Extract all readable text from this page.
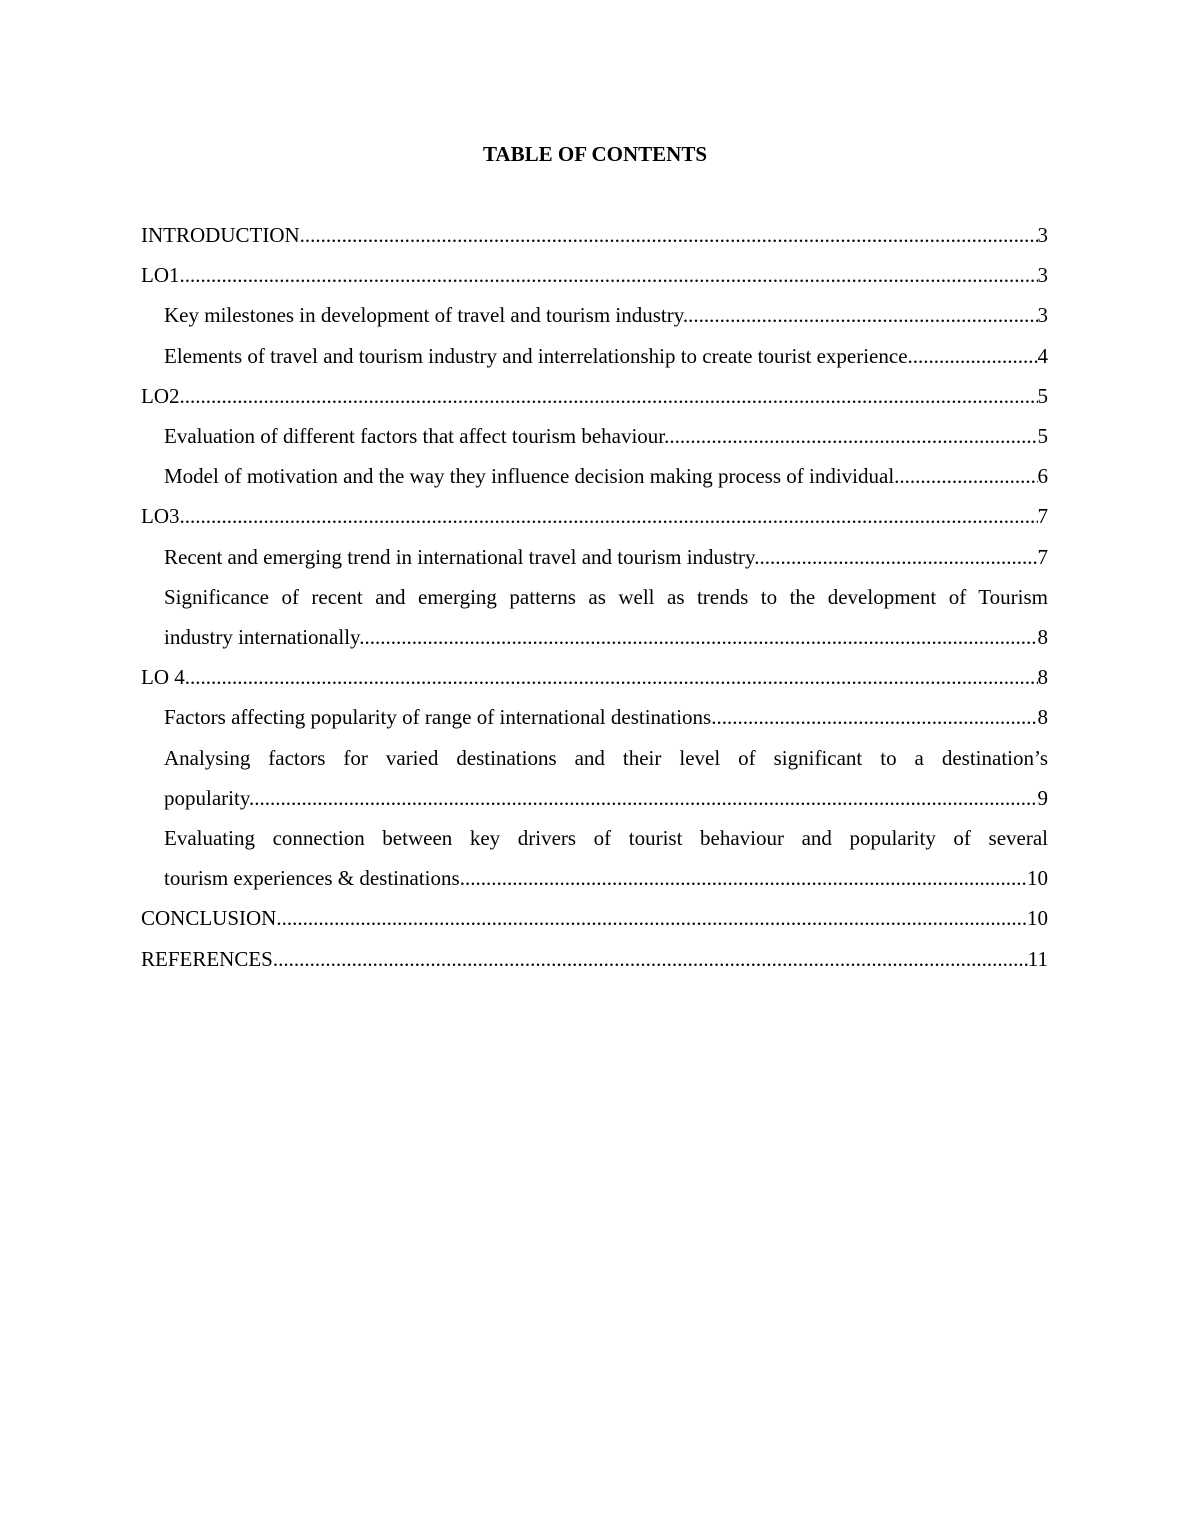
TABLE OF CONTENTS
INTRODUCTION .....	3
LO1 .....	3
Key milestones in development of travel and tourism industry .....	3
Elements of travel and tourism industry and interrelationship to create tourist experience .....	4
LO2 .....	5
Evaluation of different factors that affect tourism behaviour .....	5
Model of motivation and the way they influence decision making process of individual .....	6
LO3 .....	7
Recent and emerging trend in international travel and tourism industry .....	7
Significance of recent and emerging patterns as well as trends to the development of Tourism
industry internationally .....	8
LO 4 .....	8
Factors affecting popularity of range of international destinations .....	8
Analysing factors for varied destinations and their level of significant to a destination’s
popularity .....	9
Evaluating connection between key drivers of tourist behaviour and popularity of several
tourism experiences & destinations .....	10
CONCLUSION .....	10
REFERENCES .....	11
